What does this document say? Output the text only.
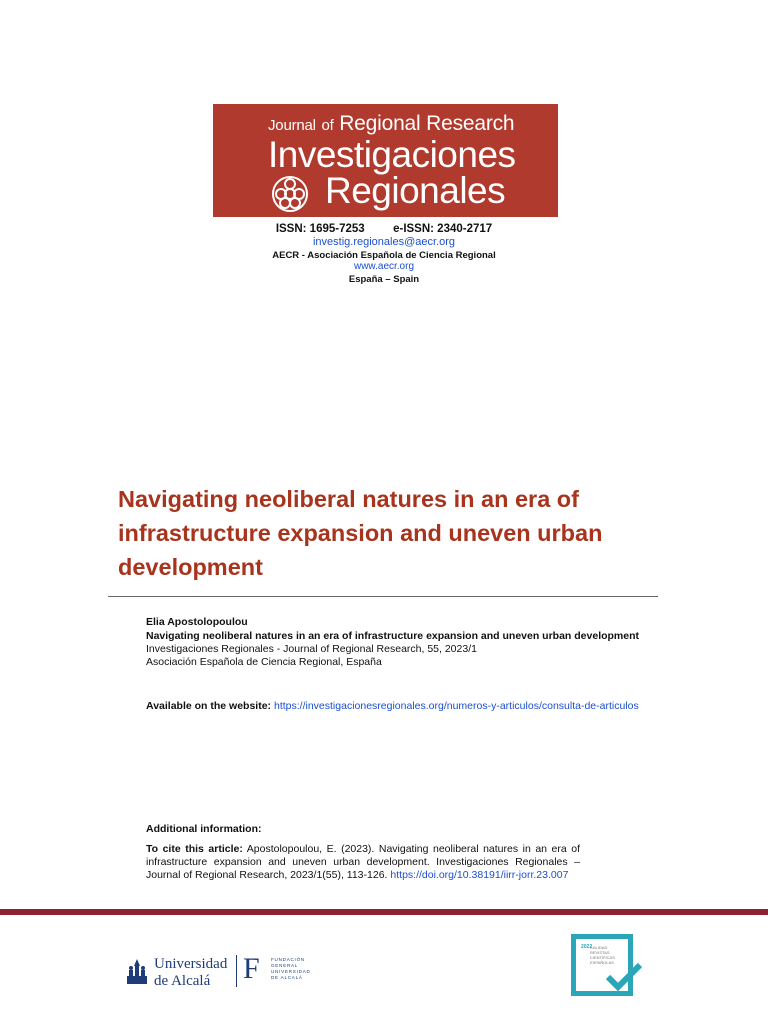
Journal of Regional Research
Investigaciones
Regionales
ISSN: 1695-7253 e-ISSN: 2340-2717
investig.regionales@aecr.org
AECR - Asociación Española de Ciencia Regional
www.aecr.org
España – Spain
Navigating neoliberal natures in an era of infrastructure expansion and uneven urban development
Elia Apostolopoulou
Navigating neoliberal natures in an era of infrastructure expansion and uneven urban development
Investigaciones Regionales - Journal of Regional Research, 55, 2023/1
Asociación Española de Ciencia Regional, España
Available on the website: https://investigacionesregionales.org/numeros-y-articulos/consulta-de-articulos
Additional information:
To cite this article: Apostolopoulou, E. (2023). Navigating neoliberal natures in an era of infrastructure expansion and uneven urban development. Investigaciones Regionales – Journal of Regional Research, 2023/1(55), 113-126. https://doi.org/10.38191/iirr-jorr.23.007
Universidad
de Alcalá	F	FUNDACIÓN
GENERAL
UNIVERSIDAD
DE ALCALÁ
2022
CALIDAD
REVISTAS
CIENTÍFICAS
ESPAÑOLAS
